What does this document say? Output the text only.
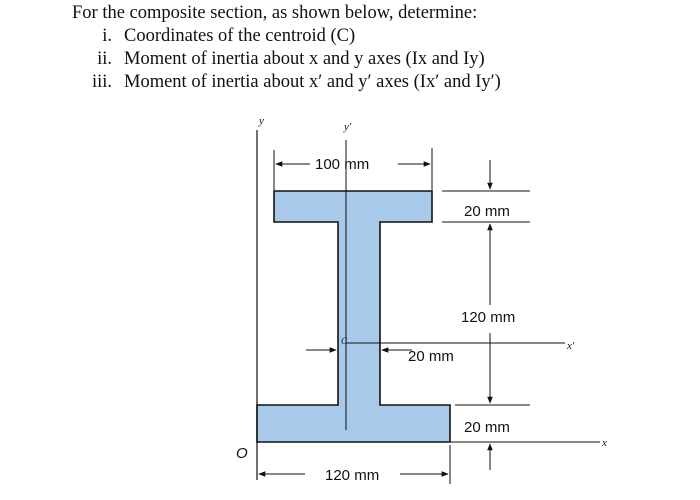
For the composite section, as shown below, determine:
i. Coordinates of the centroid (C)
ii. Moment of inertia about x and y axes (Ix and Iy)
iii. Moment of inertia about x′ and y′ axes (Ix′ and Iy′)
y	y′
x′
x
O
C
100 mm
20 mm
120 mm
20 mm
20 mm
120 mm
